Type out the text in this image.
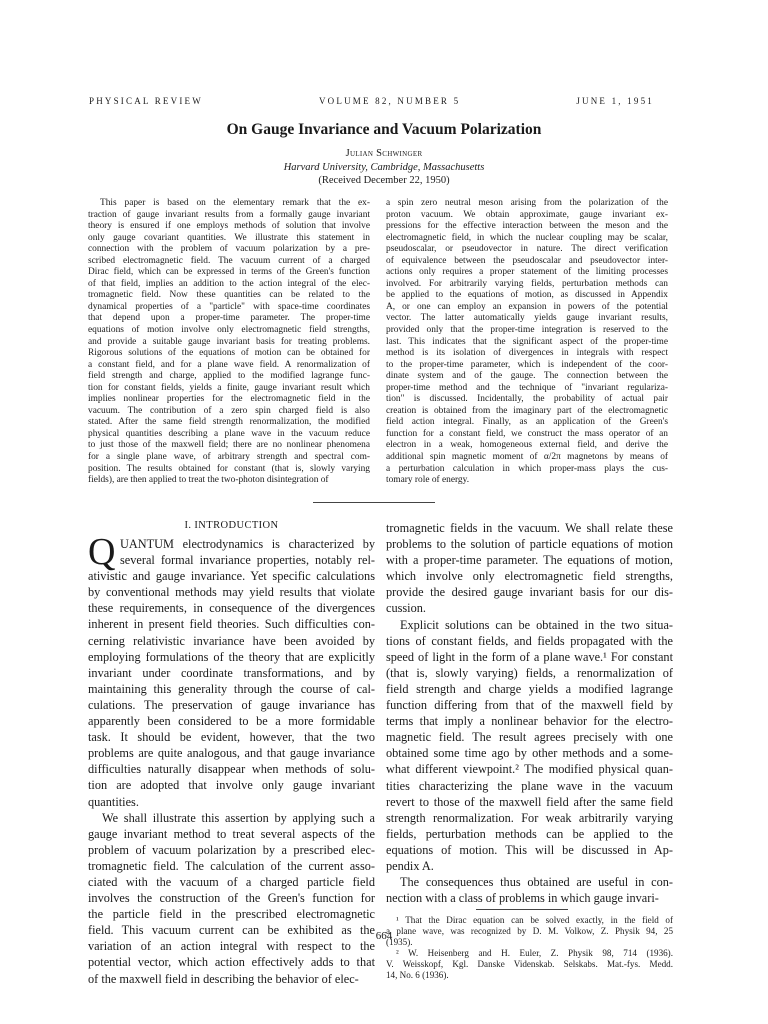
PHYSICAL REVIEW	VOLUME 82, NUMBER 5	JUNE 1, 1951
On Gauge Invariance and Vacuum Polarization
Julian Schwinger
Harvard University, Cambridge, Massachusetts
(Received December 22, 1950)
This paper is based on the elementary remark that the ex-
traction of gauge invariant results from a formally gauge invariant
theory is ensured if one employs methods of solution that involve
only gauge covariant quantities. We illustrate this statement in
connection with the problem of vacuum polarization by a pre-
scribed electromagnetic field. The vacuum current of a charged
Dirac field, which can be expressed in terms of the Green's function
of that field, implies an addition to the action integral of the elec-
tromagnetic field. Now these quantities can be related to the
dynamical properties of a "particle" with space-time coordinates
that depend upon a proper-time parameter. The proper-time
equations of motion involve only electromagnetic field strengths,
and provide a suitable gauge invariant basis for treating problems.
Rigorous solutions of the equations of motion can be obtained for
a constant field, and for a plane wave field. A renormalization of
field strength and charge, applied to the modified lagrange func-
tion for constant fields, yields a finite, gauge invariant result which
implies nonlinear properties for the electromagnetic field in the
vacuum. The contribution of a zero spin charged field is also
stated. After the same field strength renormalization, the modified
physical quantities describing a plane wave in the vacuum reduce
to just those of the maxwell field; there are no nonlinear phenomena
for a single plane wave, of arbitrary strength and spectral com-
position. The results obtained for constant (that is, slowly varying
fields), are then applied to treat the two-photon disintegration of
a spin zero neutral meson arising from the polarization of the
proton vacuum. We obtain approximate, gauge invariant ex-
pressions for the effective interaction between the meson and the
electromagnetic field, in which the nuclear coupling may be scalar,
pseudoscalar, or pseudovector in nature. The direct verification
of equivalence between the pseudoscalar and pseudovector inter-
actions only requires a proper statement of the limiting processes
involved. For arbitrarily varying fields, perturbation methods can
be applied to the equations of motion, as discussed in Appendix
A, or one can employ an expansion in powers of the potential
vector. The latter automatically yields gauge invariant results,
provided only that the proper-time integration is reserved to the
last. This indicates that the significant aspect of the proper-time
method is its isolation of divergences in integrals with respect
to the proper-time parameter, which is independent of the coor-
dinate system and of the gauge. The connection between the
proper-time method and the technique of "invariant regulariza-
tion" is discussed. Incidentally, the probability of actual pair
creation is obtained from the imaginary part of the electromagnetic
field action integral. Finally, as an application of the Green's
function for a constant field, we construct the mass operator of an
electron in a weak, homogeneous external field, and derive the
additional spin magnetic moment of α/2π magnetons by means of
a perturbation calculation in which proper-mass plays the cus-
tomary role of energy.
I. INTRODUCTION
Q UANTUM electrodynamics is characterized by
several formal invariance properties, notably rel-
ativistic and gauge invariance. Yet specific calculations
by conventional methods may yield results that violate
these requirements, in consequence of the divergences
inherent in present field theories. Such difficulties con-
cerning relativistic invariance have been avoided by
employing formulations of the theory that are explicitly
invariant under coordinate transformations, and by
maintaining this generality through the course of cal-
culations. The preservation of gauge invariance has
apparently been considered to be a more formidable
task. It should be evident, however, that the two
problems are quite analogous, and that gauge invariance
difficulties naturally disappear when methods of solu-
tion are adopted that involve only gauge invariant
quantities.
We shall illustrate this assertion by applying such a
gauge invariant method to treat several aspects of the
problem of vacuum polarization by a prescribed elec-
tromagnetic field. The calculation of the current asso-
ciated with the vacuum of a charged particle field
involves the construction of the Green's function for
the particle field in the prescribed electromagnetic
field. This vacuum current can be exhibited as the
variation of an action integral with respect to the
potential vector, which action effectively adds to that
of the maxwell field in describing the behavior of elec-
tromagnetic fields in the vacuum. We shall relate these
problems to the solution of particle equations of motion
with a proper-time parameter. The equations of motion,
which involve only electromagnetic field strengths,
provide the desired gauge invariant basis for our dis-
cussion.
Explicit solutions can be obtained in the two situa-
tions of constant fields, and fields propagated with the
speed of light in the form of a plane wave.¹ For constant
(that is, slowly varying) fields, a renormalization of
field strength and charge yields a modified lagrange
function differing from that of the maxwell field by
terms that imply a nonlinear behavior for the electro-
magnetic field. The result agrees precisely with one
obtained some time ago by other methods and a some-
what different viewpoint.² The modified physical quan-
tities characterizing the plane wave in the vacuum
revert to those of the maxwell field after the same field
strength renormalization. For weak arbitrarily varying
fields, perturbation methods can be applied to the
equations of motion. This will be discussed in Ap-
pendix A.
The consequences thus obtained are useful in con-
nection with a class of problems in which gauge invari-
¹ That the Dirac equation can be solved exactly, in the field of
a plane wave, was recognized by D. M. Volkow, Z. Physik 94, 25
(1935).
² W. Heisenberg and H. Euler, Z. Physik 98, 714 (1936).
V. Weisskopf, Kgl. Danske Videnskab. Selskabs. Mat.-fys. Medd.
14, No. 6 (1936).
664
